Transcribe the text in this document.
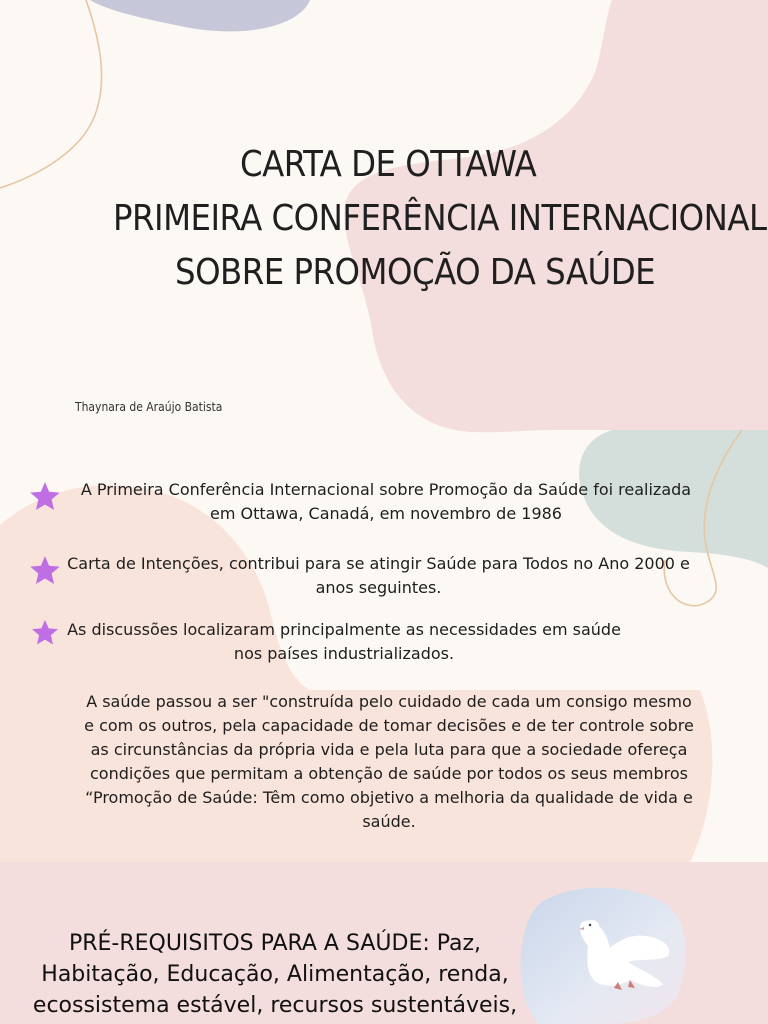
CARTA DE OTTAWA
PRIMEIRA CONFERÊNCIA INTERNACIONAL
SOBRE PROMOÇÃO DA SAÚDE

Thaynara de Araújo Batista

A Primeira Conferência Internacional sobre Promoção da Saúde foi realizada em Ottawa, Canadá, em novembro de 1986

Carta de Intenções, contribui para se atingir Saúde para Todos no Ano 2000 e anos seguintes.

As discussões localizaram principalmente as necessidades em saúde nos países industrializados.

A saúde passou a ser "construída pelo cuidado de cada um consigo mesmo e com os outros, pela capacidade de tomar decisões e de ter controle sobre as circunstâncias da própria vida e pela luta para que a sociedade ofereça condições que permitam a obtenção de saúde por todos os seus membros “Promoção de Saúde: Têm como objetivo a melhoria da qualidade de vida e saúde.

PRÉ-REQUISITOS PARA A SAÚDE: Paz, Habitação, Educação, Alimentação, renda, ecossistema estável, recursos sustentáveis,
